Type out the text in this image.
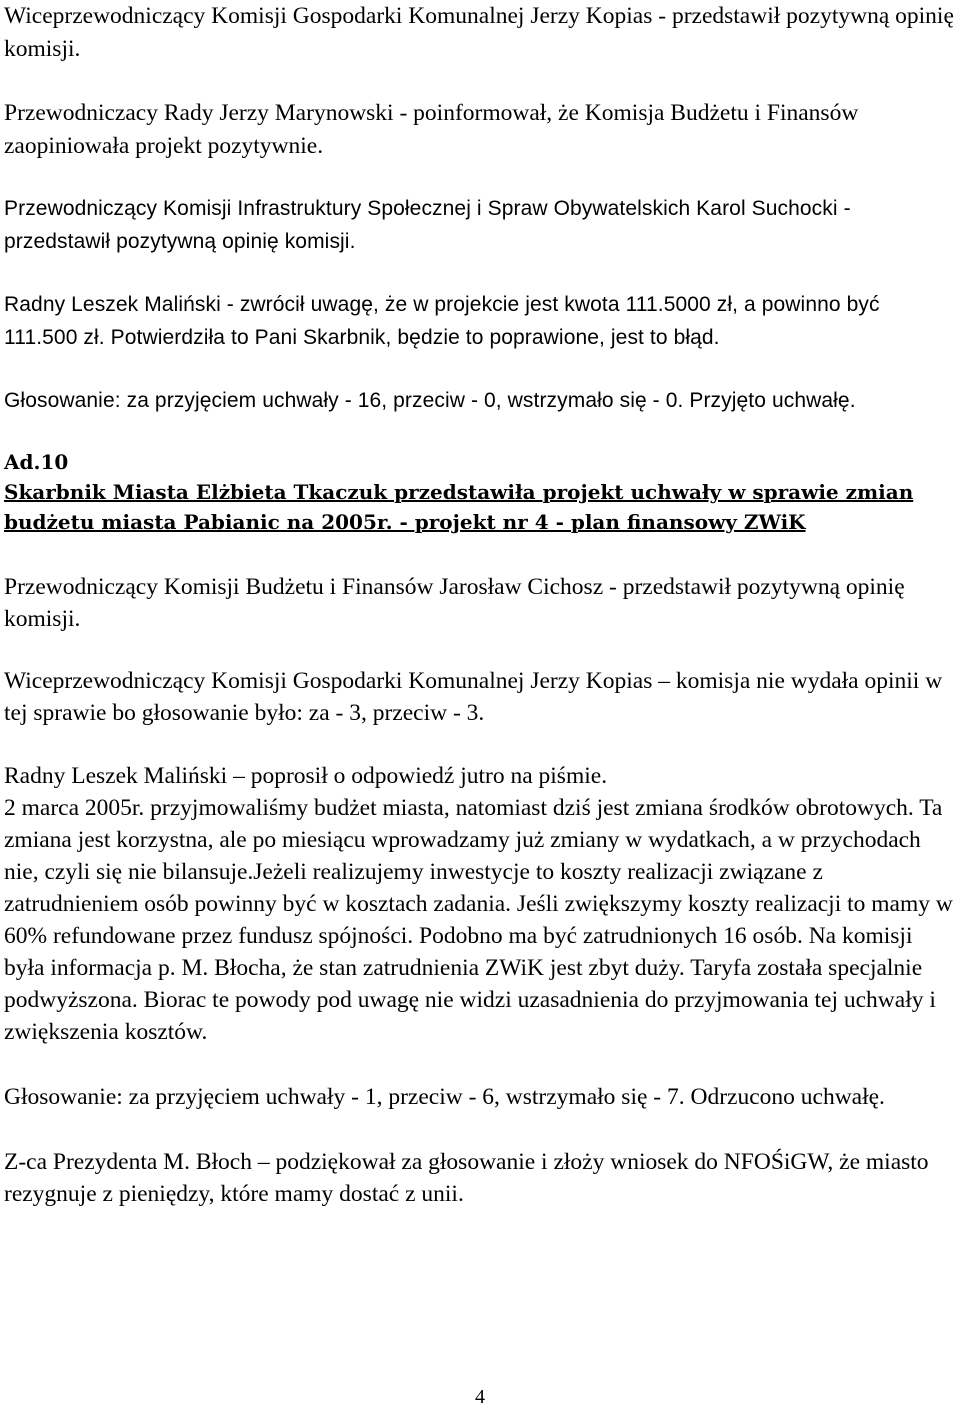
Wiceprzewodniczący Komisji Gospodarki Komunalnej Jerzy Kopias - przedstawił pozytywną opinię komisji.

Przewodniczacy Rady Jerzy Marynowski - poinformował, że Komisja Budżetu i Finansów zaopiniowała projekt pozytywnie.

Przewodniczący Komisji Infrastruktury Społecznej i Spraw Obywatelskich Karol Suchocki - przedstawił pozytywną opinię komisji.

Radny Leszek Maliński - zwrócił uwagę, że w projekcie jest kwota 111.5000 zł, a powinno być 111.500 zł. Potwierdziła to Pani Skarbnik, będzie to poprawione, jest to błąd.

Głosowanie: za przyjęciem uchwały - 16, przeciw - 0, wstrzymało się - 0. Przyjęto uchwałę.

Ad.10

Skarbnik Miasta Elżbieta Tkaczuk przedstawiła projekt uchwały w sprawie zmian budżetu miasta Pabianic na 2005r. - projekt nr 4 - plan finansowy ZWiK

Przewodniczący Komisji Budżetu i Finansów Jarosław Cichosz - przedstawił pozytywną opinię komisji.

Wiceprzewodniczący Komisji Gospodarki Komunalnej Jerzy Kopias – komisja nie wydała opinii w tej sprawie bo głosowanie było: za - 3, przeciw - 3.

Radny Leszek Maliński – poprosił o odpowiedź jutro na piśmie.

2 marca 2005r. przyjmowaliśmy budżet miasta, natomiast dziś jest zmiana środków obrotowych. Ta zmiana jest korzystna, ale po miesiącu wprowadzamy już zmiany w wydatkach, a w przychodach nie, czyli się nie bilansuje.Jeżeli realizujemy inwestycje to koszty realizacji związane z zatrudnieniem osób powinny być w kosztach zadania. Jeśli zwiększymy koszty realizacji to mamy w 60% refundowane przez fundusz spójności. Podobno ma być zatrudnionych 16 osób. Na komisji była informacja p. M. Błocha, że stan zatrudnienia ZWiK jest zbyt duży. Taryfa została specjalnie podwyższona. Biorac te powody pod uwagę nie widzi uzasadnienia do przyjmowania tej uchwały i zwiększenia kosztów.

Głosowanie: za przyjęciem uchwały - 1, przeciw - 6, wstrzymało się - 7. Odrzucono uchwałę.

Z-ca Prezydenta M. Błoch – podziękował za głosowanie i złoży wniosek do NFOŚiGW, że miasto rezygnuje z pieniędzy, które mamy dostać z unii.

4
